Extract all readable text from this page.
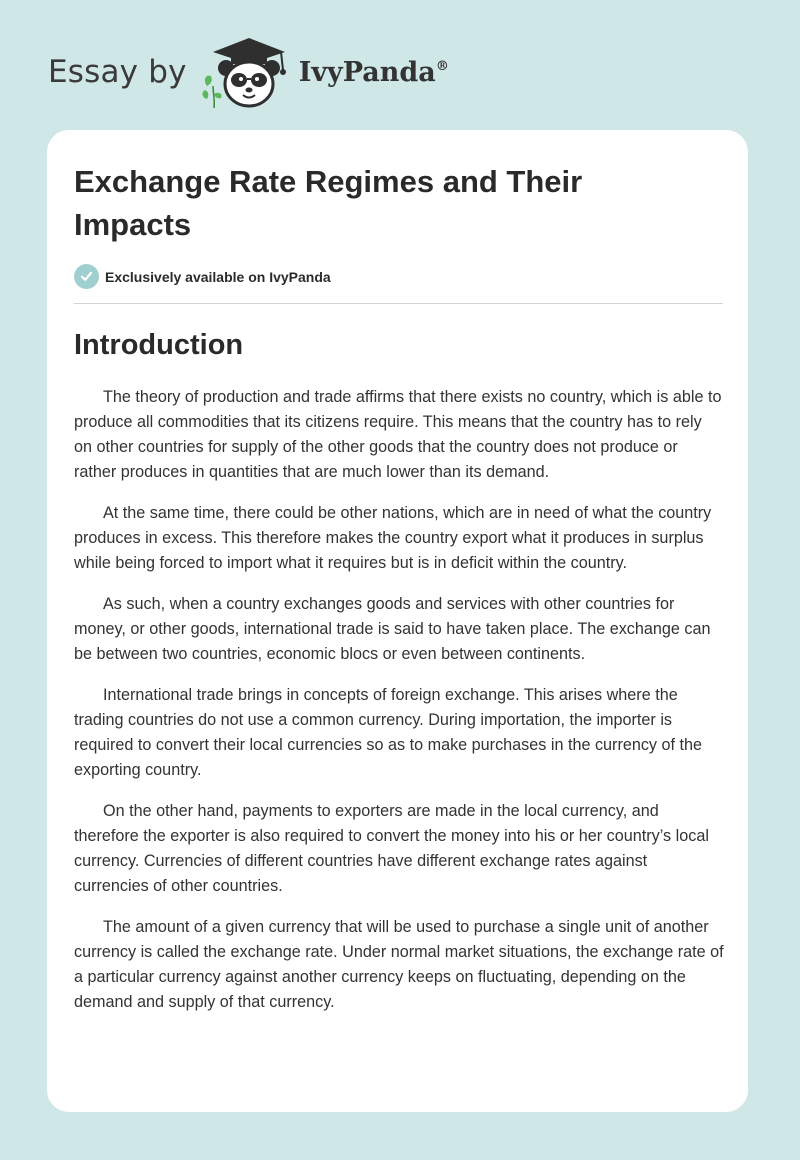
Essay by	IvyPanda®
Exchange Rate Regimes and Their Impacts
Exclusively available on IvyPanda
Introduction

The theory of production and trade affirms that there exists no country, which is able to produce all commodities that its citizens require. This means that the country has to rely on other countries for supply of the other goods that the country does not produce or rather produces in quantities that are much lower than its demand.

At the same time, there could be other nations, which are in need of what the country produces in excess. This therefore makes the country export what it produces in surplus while being forced to import what it requires but is in deficit within the country.

As such, when a country exchanges goods and services with other countries for money, or other goods, international trade is said to have taken place. The exchange can be between two countries, economic blocs or even between continents.

International trade brings in concepts of foreign exchange. This arises where the trading countries do not use a common currency. During importation, the importer is required to convert their local currencies so as to make purchases in the currency of the exporting country.

On the other hand, payments to exporters are made in the local currency, and therefore the exporter is also required to convert the money into his or her country’s local currency. Currencies of different countries have different exchange rates against currencies of other countries.

The amount of a given currency that will be used to purchase a single unit of another currency is called the exchange rate. Under normal market situations, the exchange rate of a particular currency against another currency keeps on fluctuating, depending on the demand and supply of that currency.
